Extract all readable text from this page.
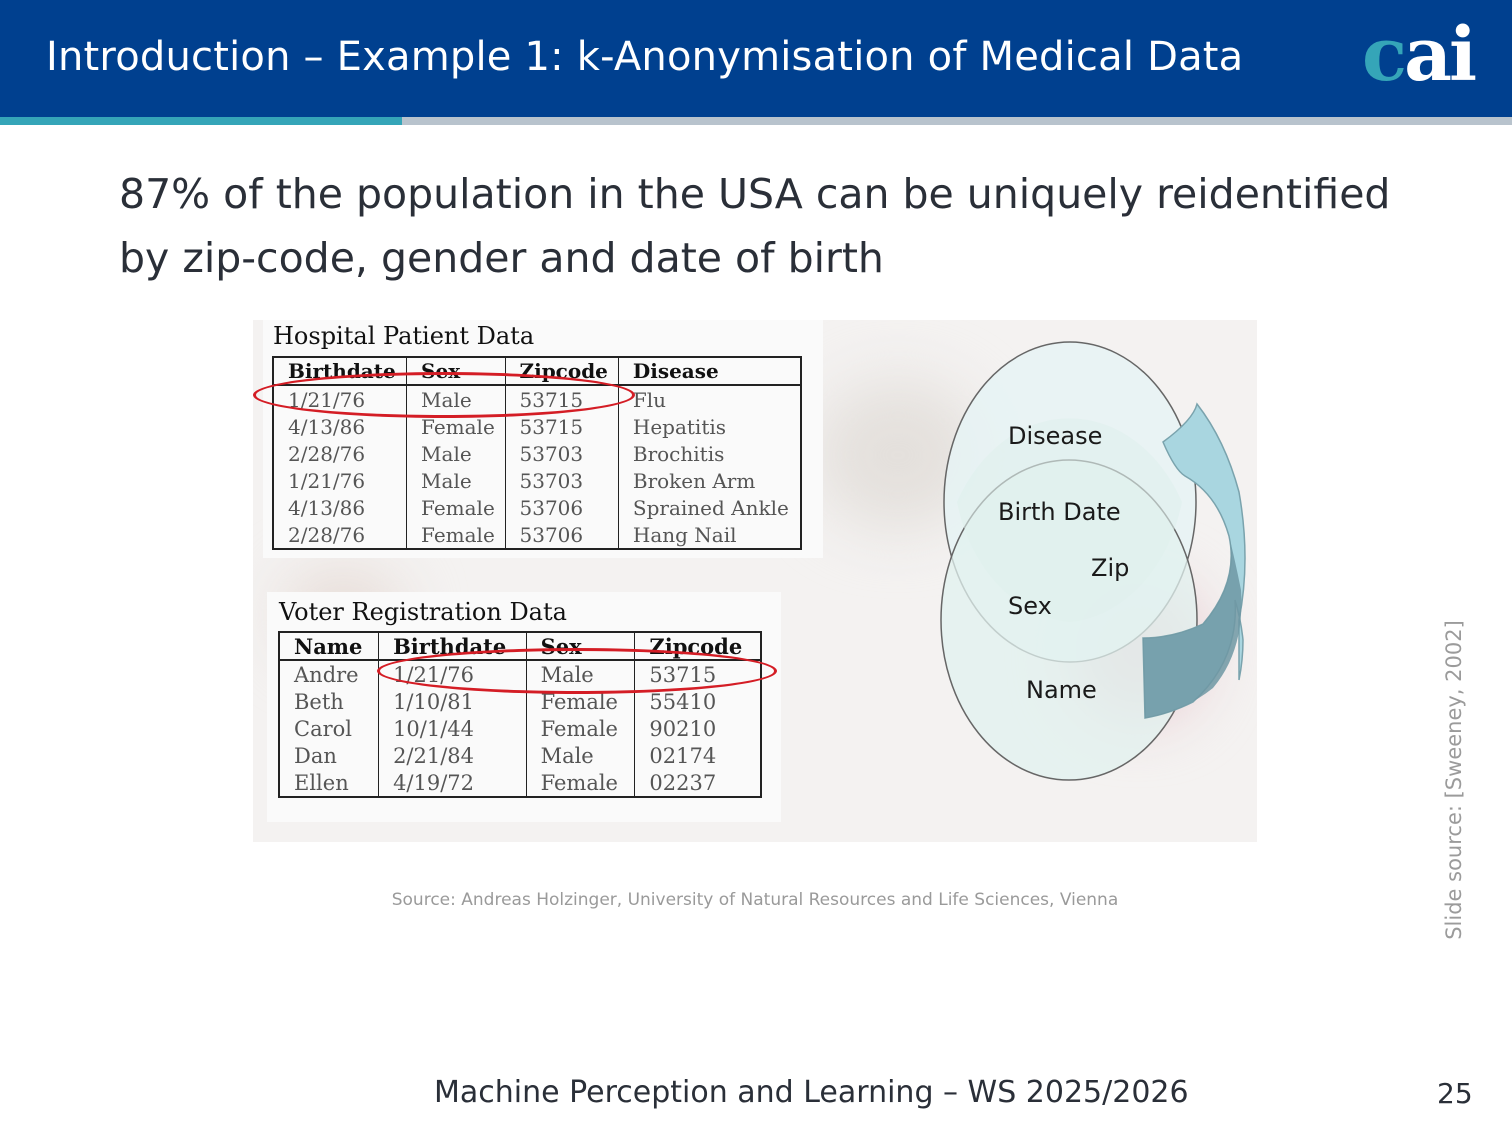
Introduction – Example 1: k-Anonymisation of Medical Data cai
87% of the population in the USA can be uniquely reidentified by zip-code, gender and date of birth
Hospital Patient Data
Birthdate	Sex	Zipcode	Disease
1/21/76	Male	53715	Flu
4/13/86	Female	53715	Hepatitis
2/28/76	Male	53703	Brochitis
1/21/76	Male	53703	Broken Arm
4/13/86	Female	53706	Sprained Ankle
2/28/76	Female	53706	Hang Nail
Voter Registration Data
Name	Birthdate	Sex	Zipcode
Andre	1/21/76	Male	53715
Beth	1/10/81	Female	55410
Carol	10/1/44	Female	90210
Dan	2/21/84	Male	02174
Ellen	4/19/72	Female	02237
Disease
Birth Date
Zip
Sex
Name
Source: Andreas Holzinger, University of Natural Resources and Life Sciences, Vienna	Slide source: [Sweeney, 2002]
Machine Perception and Learning – WS 2025/2026	25
